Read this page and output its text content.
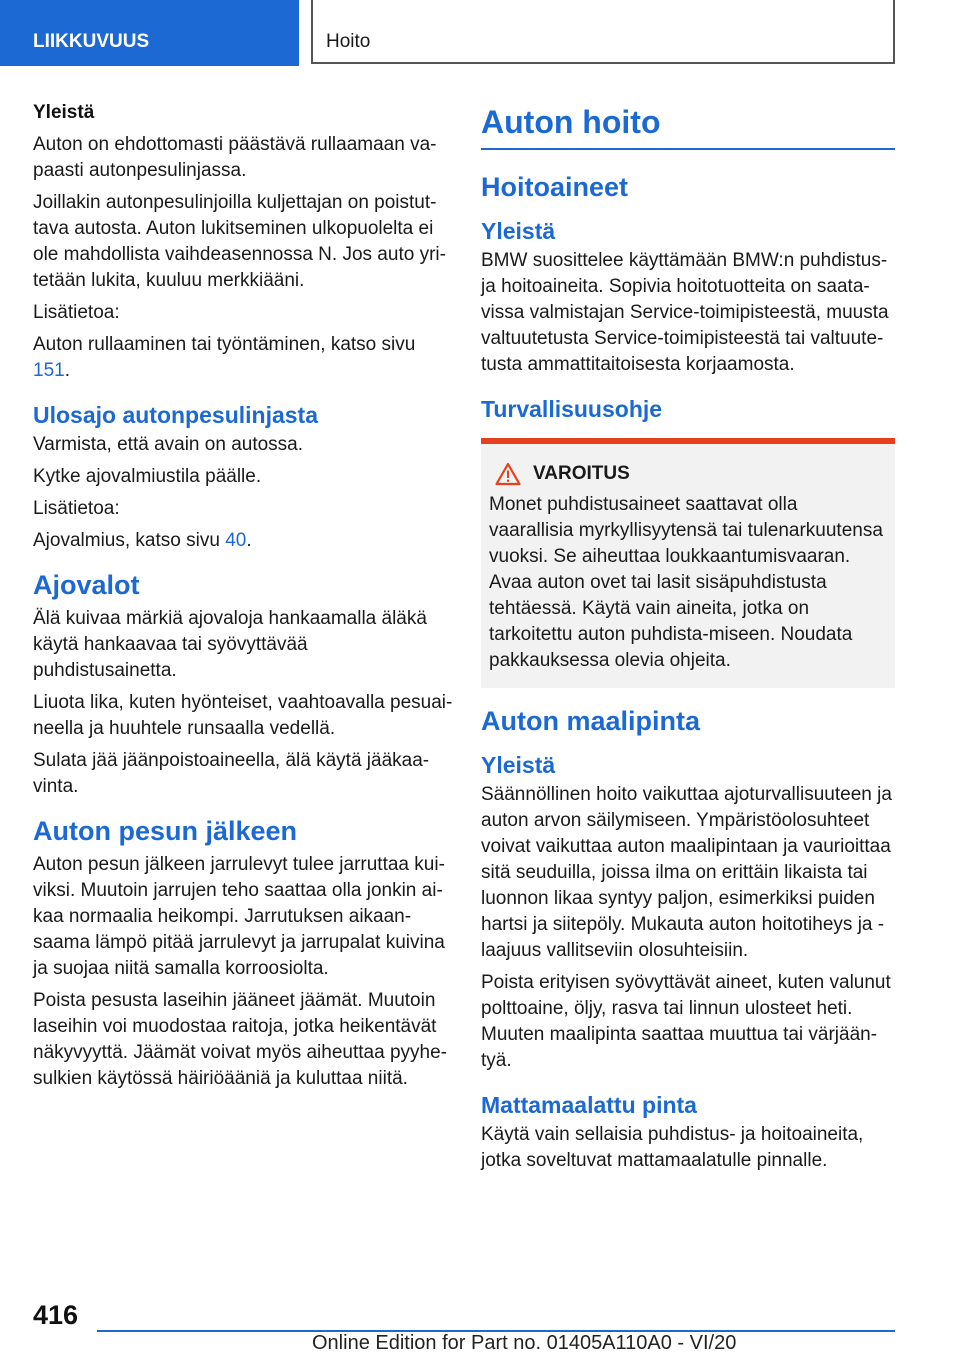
LIIKKUVUUS	Hoito
Yleistä

Auton on ehdottomasti päästävä rullaamaan va-paasti autonpesulinjassa.

Joillakin autonpesulinjoilla kuljettajan on poistut-tava autosta. Auton lukitseminen ulkopuolelta ei ole mahdollista vaihdeasennossa N. Jos auto yri-tetään lukita, kuuluu merkkiääni.

Lisätietoa:

Auton rullaaminen tai työntäminen, katso sivu 151.

Ulosajo autonpesulinjasta

Varmista, että avain on autossa.

Kytke ajovalmiustila päälle.

Lisätietoa:

Ajovalmius, katso sivu 40.

Ajovalot

Älä kuivaa märkiä ajovaloja hankaamalla äläkä käytä hankaavaa tai syövyttävää puhdistusainetta.

Liuota lika, kuten hyönteiset, vaahtoavalla pesuai-neella ja huuhtele runsaalla vedellä.

Sulata jää jäänpoistoaineella, älä käytä jääkaa-vinta.

Auton pesun jälkeen

Auton pesun jälkeen jarrulevyt tulee jarruttaa kui-viksi. Muutoin jarrujen teho saattaa olla jonkin ai-kaa normaalia heikompi. Jarrutuksen aikaan-saama lämpö pitää jarrulevyt ja jarrupalat kuivina ja suojaa niitä samalla korroosiolta.

Poista pesusta laseihin jääneet jäämät. Muutoin laseihin voi muodostaa raitoja, jotka heikentävät näkyvyyttä. Jäämät voivat myös aiheuttaa pyyhe-sulkien käytössä häiriöääniä ja kuluttaa niitä.

Auton hoito
Hoitoaineet
Yleistä

BMW suosittelee käyttämään BMW:n puhdistus- ja hoitoaineita. Sopivia hoitotuotteita on saata-vissa valmistajan Service-toimipisteestä, muusta valtuutetusta Service-toimipisteestä tai valtuute-tusta ammattitaitoisesta korjaamosta.

Turvallisuusohje
VAROITUS

Monet puhdistusaineet saattavat olla vaarallisia myrkyllisyytensä tai tulenarkuutensa vuoksi. Se aiheuttaa loukkaantumisvaaran. Avaa auton ovet tai lasit sisäpuhdistusta tehtäessä. Käytä vain aineita, jotka on tarkoitettu auton puhdista-miseen. Noudata pakkauksessa olevia ohjeita.

Auton maalipinta
Yleistä

Säännöllinen hoito vaikuttaa ajoturvallisuuteen ja auton arvon säilymiseen. Ympäristöolosuhteet voivat vaikuttaa auton maalipintaan ja vaurioittaa sitä seuduilla, joissa ilma on erittäin likaista tai luonnon likaa syntyy paljon, esimerkiksi puiden hartsi ja siitepöly. Mukauta auton hoitotiheys ja -laajuus vallitseviin olosuhteisiin.

Poista erityisen syövyttävät aineet, kuten valunut polttoaine, öljy, rasva tai linnun ulosteet heti. Muuten maalipinta saattaa muuttua tai värjään-tyä.

Mattamaalattu pinta

Käytä vain sellaisia puhdistus- ja hoitoaineita, jotka soveltuvat mattamaalatulle pinnalle.

416
Online Edition for Part no. 01405A110A0 - VI/20
